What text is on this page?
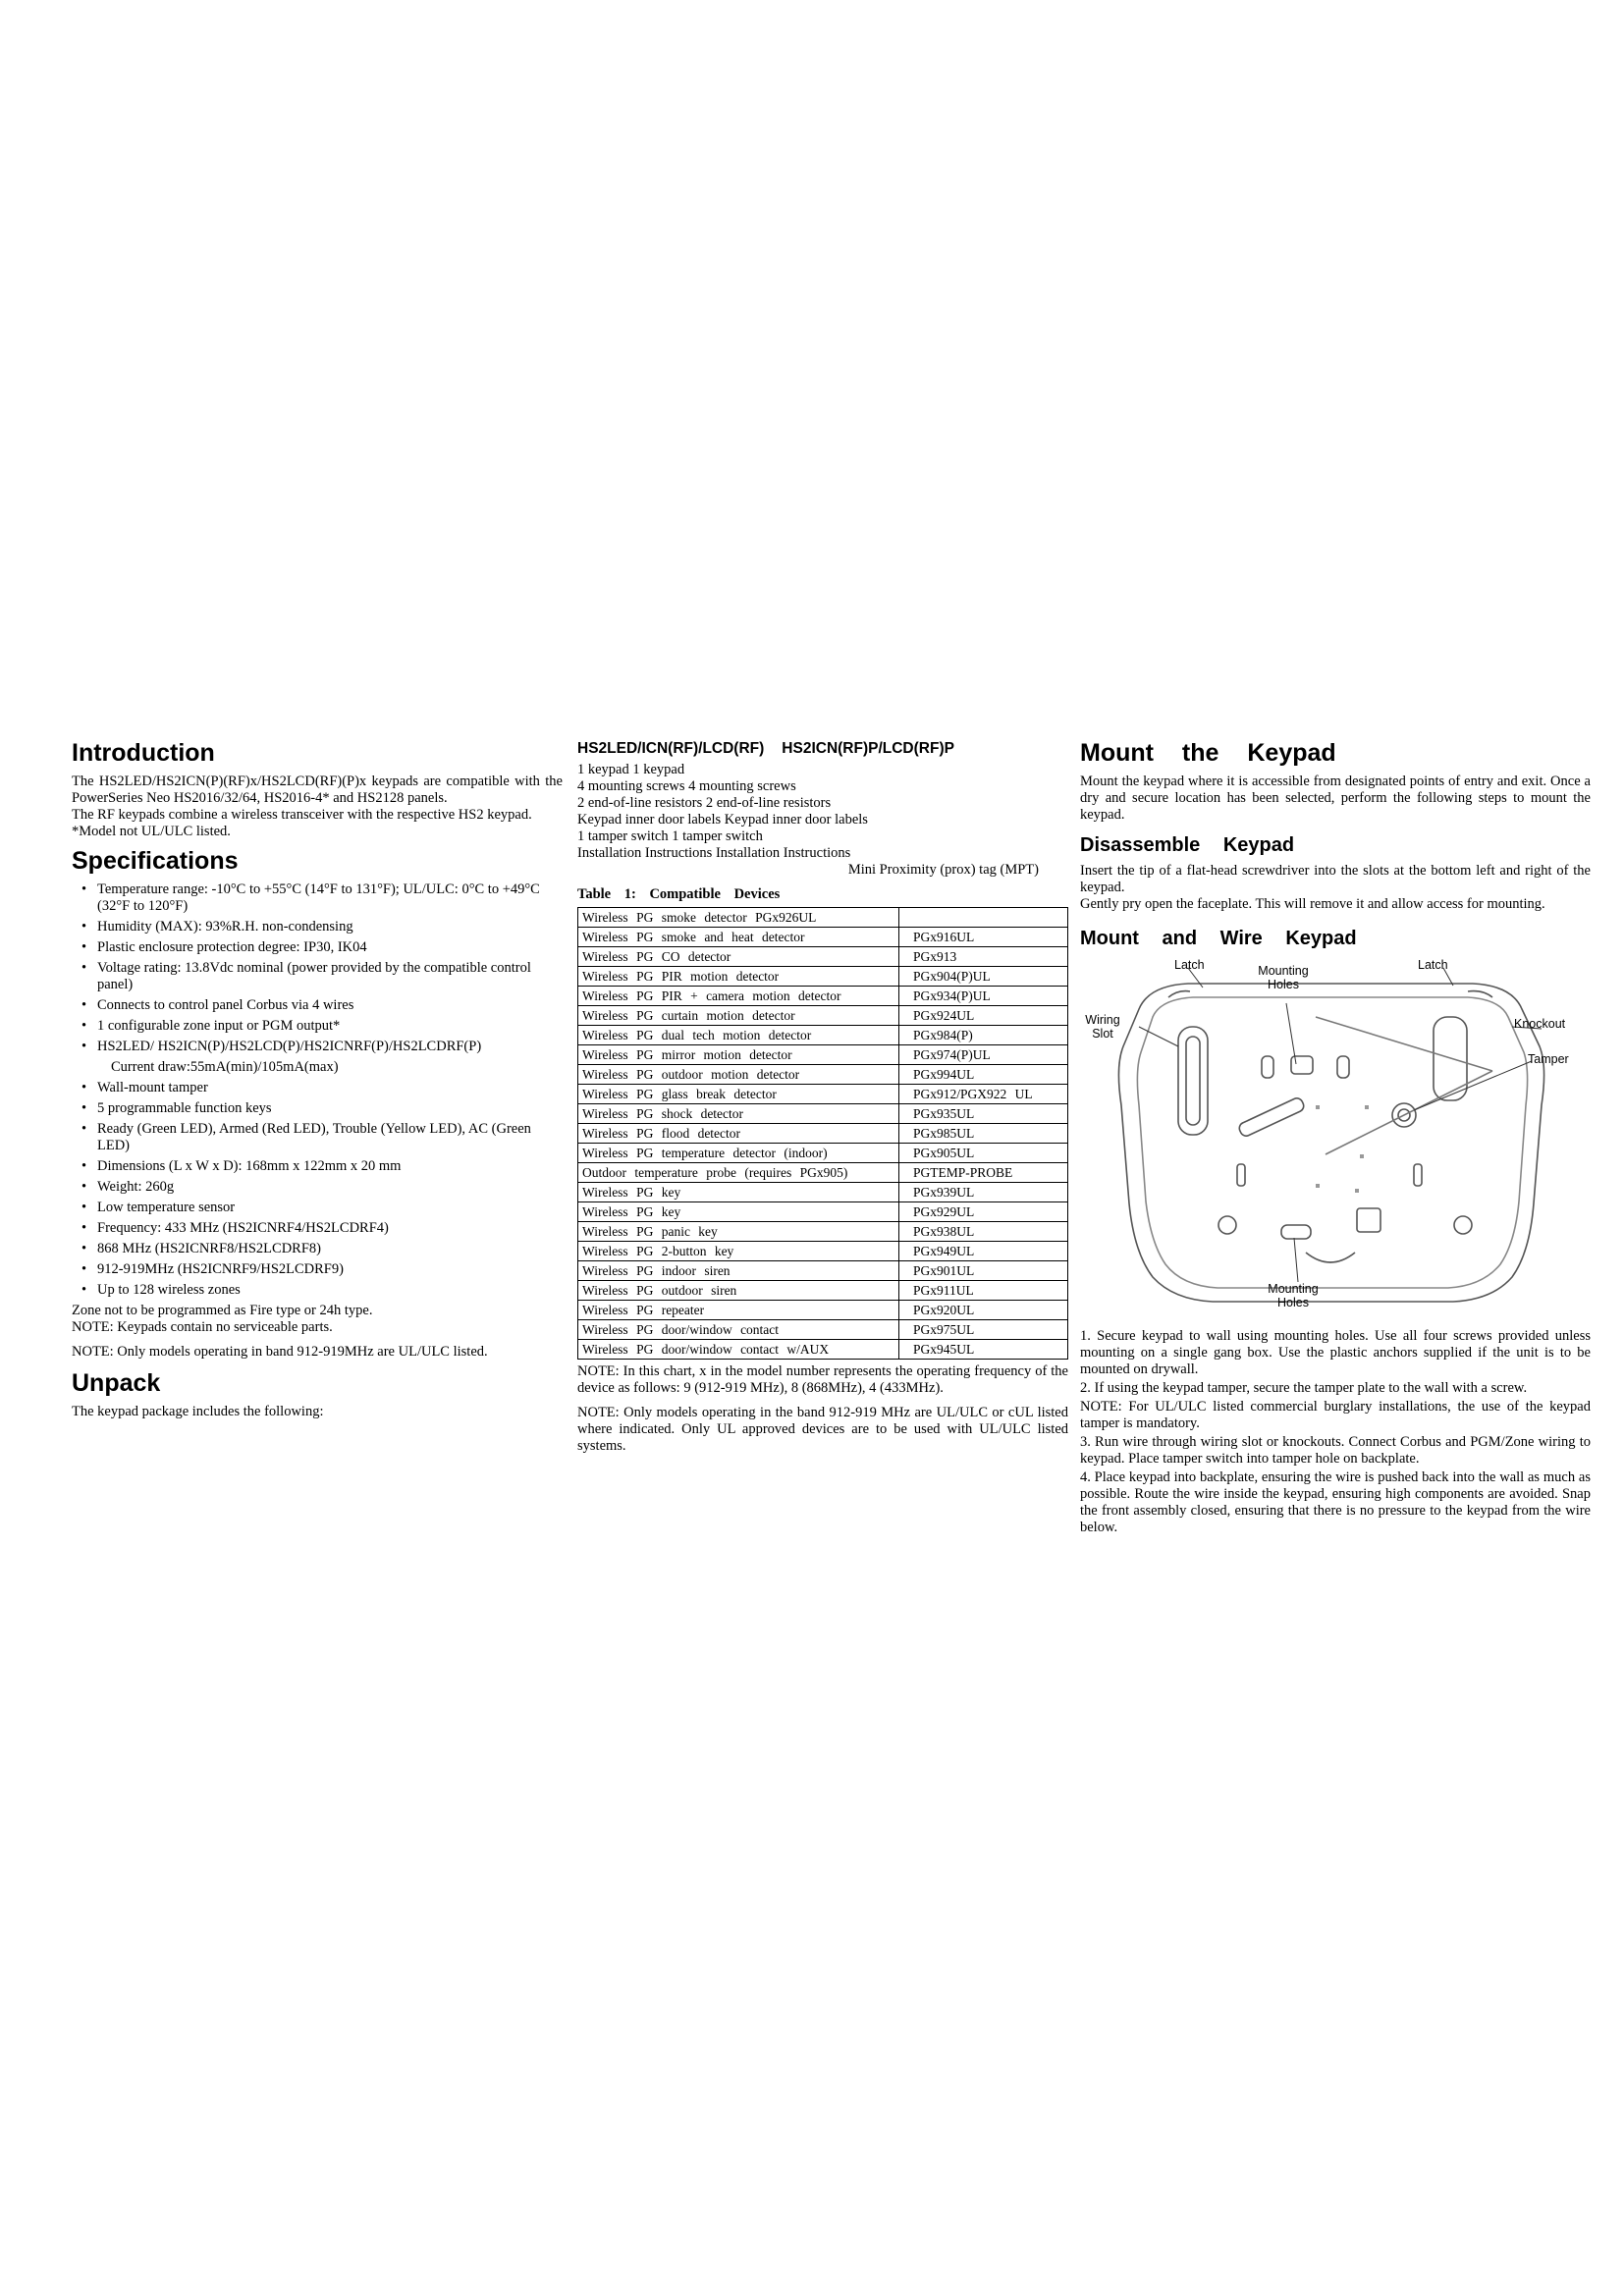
Introduction

The HS2LED/HS2ICN(P)(RF)x/HS2LCD(RF)(P)x keypads are compatible with the PowerSeries Neo HS2016/32/64, HS2016-4* and HS2128 panels.

The RF keypads combine a wireless transceiver with the respective HS2 keypad.

*Model not UL/ULC listed.

Specifications
• Temperature range: -10°C to +55°C (14°F to 131°F); UL/ULC: 0°C to +49°C (32°F to 120°F)
• Humidity (MAX): 93%R.H. non-condensing
• Plastic enclosure protection degree: IP30, IK04
• Voltage rating: 13.8Vdc nominal (power provided by the compatible control panel)
• Connects to control panel Corbus via 4 wires
• 1 configurable zone input or PGM output*
• HS2LED/ HS2ICN(P)/HS2LCD(P)/HS2ICNRF(P)/HS2LCDRF(P)
Current draw:55mA(min)/105mA(max)
• Wall-mount tamper
• 5 programmable function keys
• Ready (Green LED), Armed (Red LED), Trouble (Yellow LED), AC (Green LED)
• Dimensions (L x W x D): 168mm x 122mm x 20 mm
• Weight: 260g
• Low temperature sensor
• Frequency: 433 MHz (HS2ICNRF4/HS2LCDRF4)
• 868 MHz (HS2ICNRF8/HS2LCDRF8)
• 912-919MHz (HS2ICNRF9/HS2LCDRF9)
• Up to 128 wireless zones

Zone not to be programmed as Fire type or 24h type.

NOTE: Keypads contain no serviceable parts.

NOTE: Only models operating in band 912-919MHz are UL/ULC listed.

Unpack

The keypad package includes the following:

HS2LED/ICN(RF)/LCD(RF) HS2ICN(RF)P/LCD(RF)P
1 keypad 1 keypad
4 mounting screws 4 mounting screws
2 end-of-line resistors 2 end-of-line resistors
Keypad inner door labels Keypad inner door labels
1 tamper switch 1 tamper switch
Installation Instructions Installation Instructions
Mini Proximity (prox) tag (MPT)
Table 1: Compatible Devices
Wireless PG smoke detector PGx926UL	
Wireless PG smoke and heat detector	PGx916UL
Wireless PG CO detector	PGx913
Wireless PG PIR motion detector	PGx904(P)UL
Wireless PG PIR + camera motion detector	PGx934(P)UL
Wireless PG curtain motion detector	PGx924UL
Wireless PG dual tech motion detector	PGx984(P)
Wireless PG mirror motion detector	PGx974(P)UL
Wireless PG outdoor motion detector	PGx994UL
Wireless PG glass break detector	PGx912/PGX922 UL
Wireless PG shock detector	PGx935UL
Wireless PG flood detector	PGx985UL
Wireless PG temperature detector (indoor)	PGx905UL
Outdoor temperature probe (requires PGx905)	PGTEMP-PROBE
Wireless PG key	PGx939UL
Wireless PG key	PGx929UL
Wireless PG panic key	PGx938UL
Wireless PG 2-button key	PGx949UL
Wireless PG indoor siren	PGx901UL
Wireless PG outdoor siren	PGx911UL
Wireless PG repeater	PGx920UL
Wireless PG door/window contact	PGx975UL
Wireless PG door/window contact w/AUX	PGx945UL

NOTE: In this chart, x in the model number represents the operating frequency of the device as follows: 9 (912-919 MHz), 8 (868MHz), 4 (433MHz).

NOTE: Only models operating in the band 912-919 MHz are UL/ULC or cUL listed where indicated. Only UL approved devices are to be used with UL/ULC listed systems.

Mount the Keypad

Mount the keypad where it is accessible from designated points of entry and exit. Once a dry and secure location has been selected, perform the following steps to mount the keypad.

Disassemble Keypad

Insert the tip of a flat-head screwdriver into the slots at the bottom left and right of the keypad.

Gently pry open the faceplate. This will remove it and allow access for mounting.

Mount and Wire Keypad
Latch	Latch
Mounting Holes
Wiring Slot
Knockout
Tamper
Mounting Holes
1. Secure keypad to wall using mounting holes. Use all four screws provided unless mounting on a single gang box. Use the plastic anchors supplied if the unit is to be mounted on drywall.
2. If using the keypad tamper, secure the tamper plate to the wall with a screw.
NOTE: For UL/ULC listed commercial burglary installations, the use of the keypad tamper is mandatory.
3. Run wire through wiring slot or knockouts. Connect Corbus and PGM/Zone wiring to keypad. Place tamper switch into tamper hole on backplate.
4. Place keypad into backplate, ensuring the wire is pushed back into the wall as much as possible. Route the wire inside the keypad, ensuring high components are avoided. Snap the front assembly closed, ensuring that there is no pressure to the keypad from the wire below.
